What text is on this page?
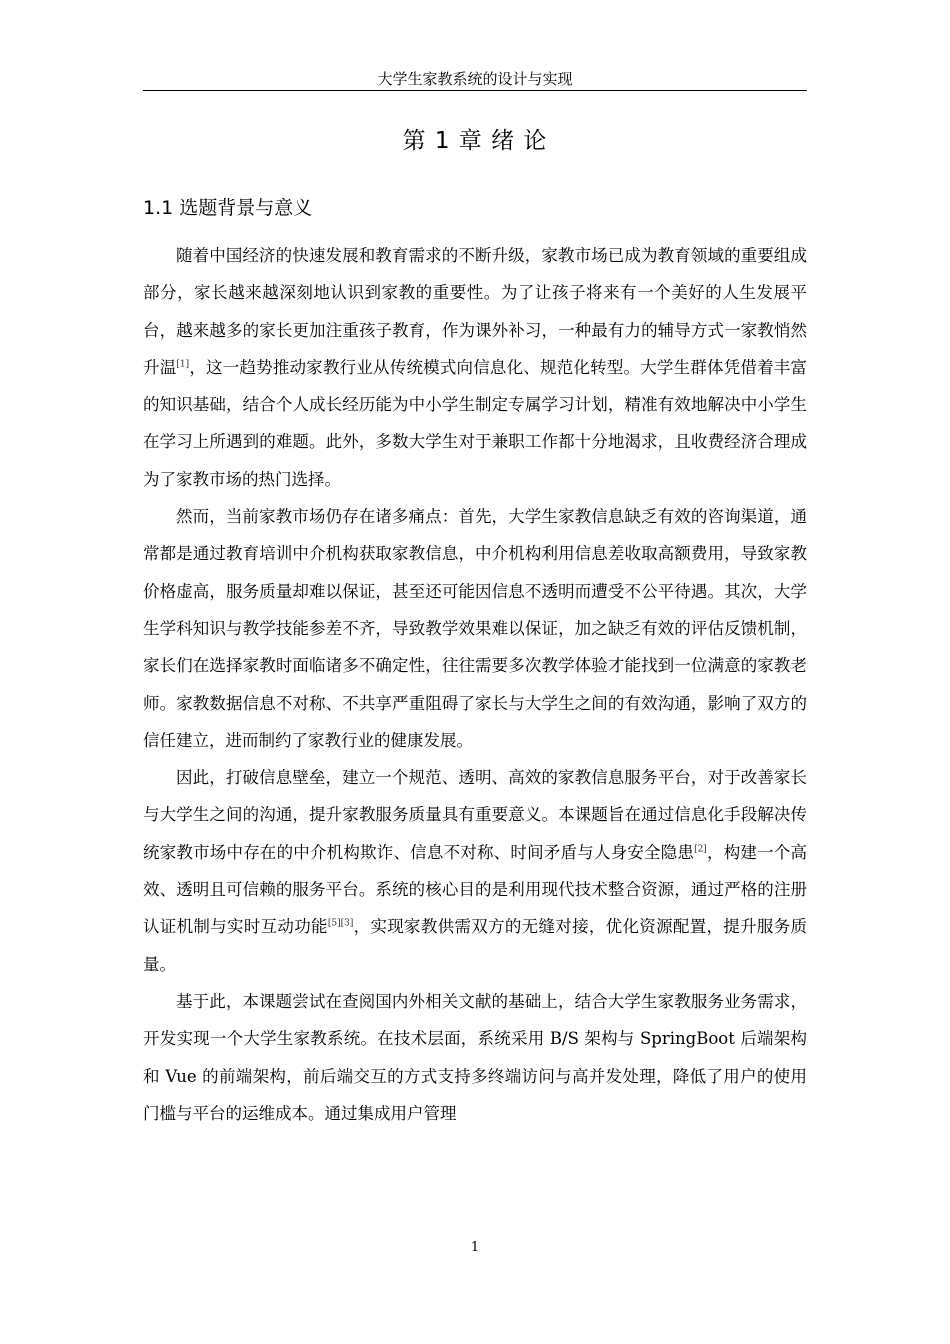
大学生家教系统的设计与实现
第 1 章 绪 论
1.1 选题背景与意义

随着中国经济的快速发展和教育需求的不断升级，家教市场已成为教育领域的重要组成部分，家长越来越深刻地认识到家教的重要性。为了让孩子将来有一个美好的人生发展平台，越来越多的家长更加注重孩子教育，作为课外补习，一种最有力的辅导方式一家教悄然升温[1]，这一趋势推动家教行业从传统模式向信息化、规范化转型。大学生群体凭借着丰富的知识基础，结合个人成长经历能为中小学生制定专属学习计划，精准有效地解决中小学生在学习上所遇到的难题。此外，多数大学生对于兼职工作都十分地渴求，且收费经济合理成为了家教市场的热门选择。

然而，当前家教市场仍存在诸多痛点：首先，大学生家教信息缺乏有效的咨询渠道，通常都是通过教育培训中介机构获取家教信息，中介机构利用信息差收取高额费用，导致家教价格虚高，服务质量却难以保证，甚至还可能因信息不透明而遭受不公平待遇。其次，大学生学科知识与教学技能参差不齐，导致教学效果难以保证，加之缺乏有效的评估反馈机制，家长们在选择家教时面临诸多不确定性，往往需要多次教学体验才能找到一位满意的家教老师。家教数据信息不对称、不共享严重阻碍了家长与大学生之间的有效沟通，影响了双方的信任建立，进而制约了家教行业的健康发展。

因此，打破信息壁垒，建立一个规范、透明、高效的家教信息服务平台，对于改善家长与大学生之间的沟通，提升家教服务质量具有重要意义。本课题旨在通过信息化手段解决传统家教市场中存在的中介机构欺诈、信息不对称、时间矛盾与人身安全隐患[2]，构建一个高效、透明且可信赖的服务平台。系统的核心目的是利用现代技术整合资源，通过严格的注册认证机制与实时互动功能[5][3]，实现家教供需双方的无缝对接，优化资源配置，提升服务质量。

基于此，本课题尝试在查阅国内外相关文献的基础上，结合大学生家教服务业务需求，开发实现一个大学生家教系统。在技术层面，系统采用 B/S 架构与 SpringBoot 后端架构和 Vue 的前端架构，前后端交互的方式支持多终端访问与高并发处理，降低了用户的使用门槛与平台的运维成本。通过集成用户管理

1
